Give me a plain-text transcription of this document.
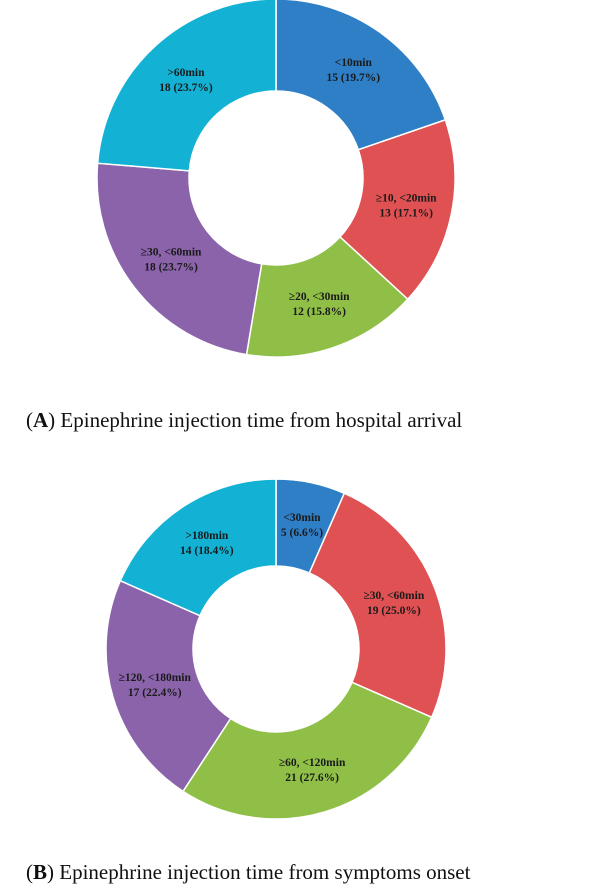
<10min
15 (19.7%)
≥10, <20min
13 (17.1%)
≥20, <30min
12 (15.8%)
≥30, <60min
18 (23.7%)
>60min
18 (23.7%)
(A) Epinephrine injection time from hospital arrival
<30min
5 (6.6%)
≥30, <60min
19 (25.0%)
≥60, <120min
21 (27.6%)
≥120, <180min
17 (22.4%)
>180min
14 (18.4%)
(B) Epinephrine injection time from symptoms onset
